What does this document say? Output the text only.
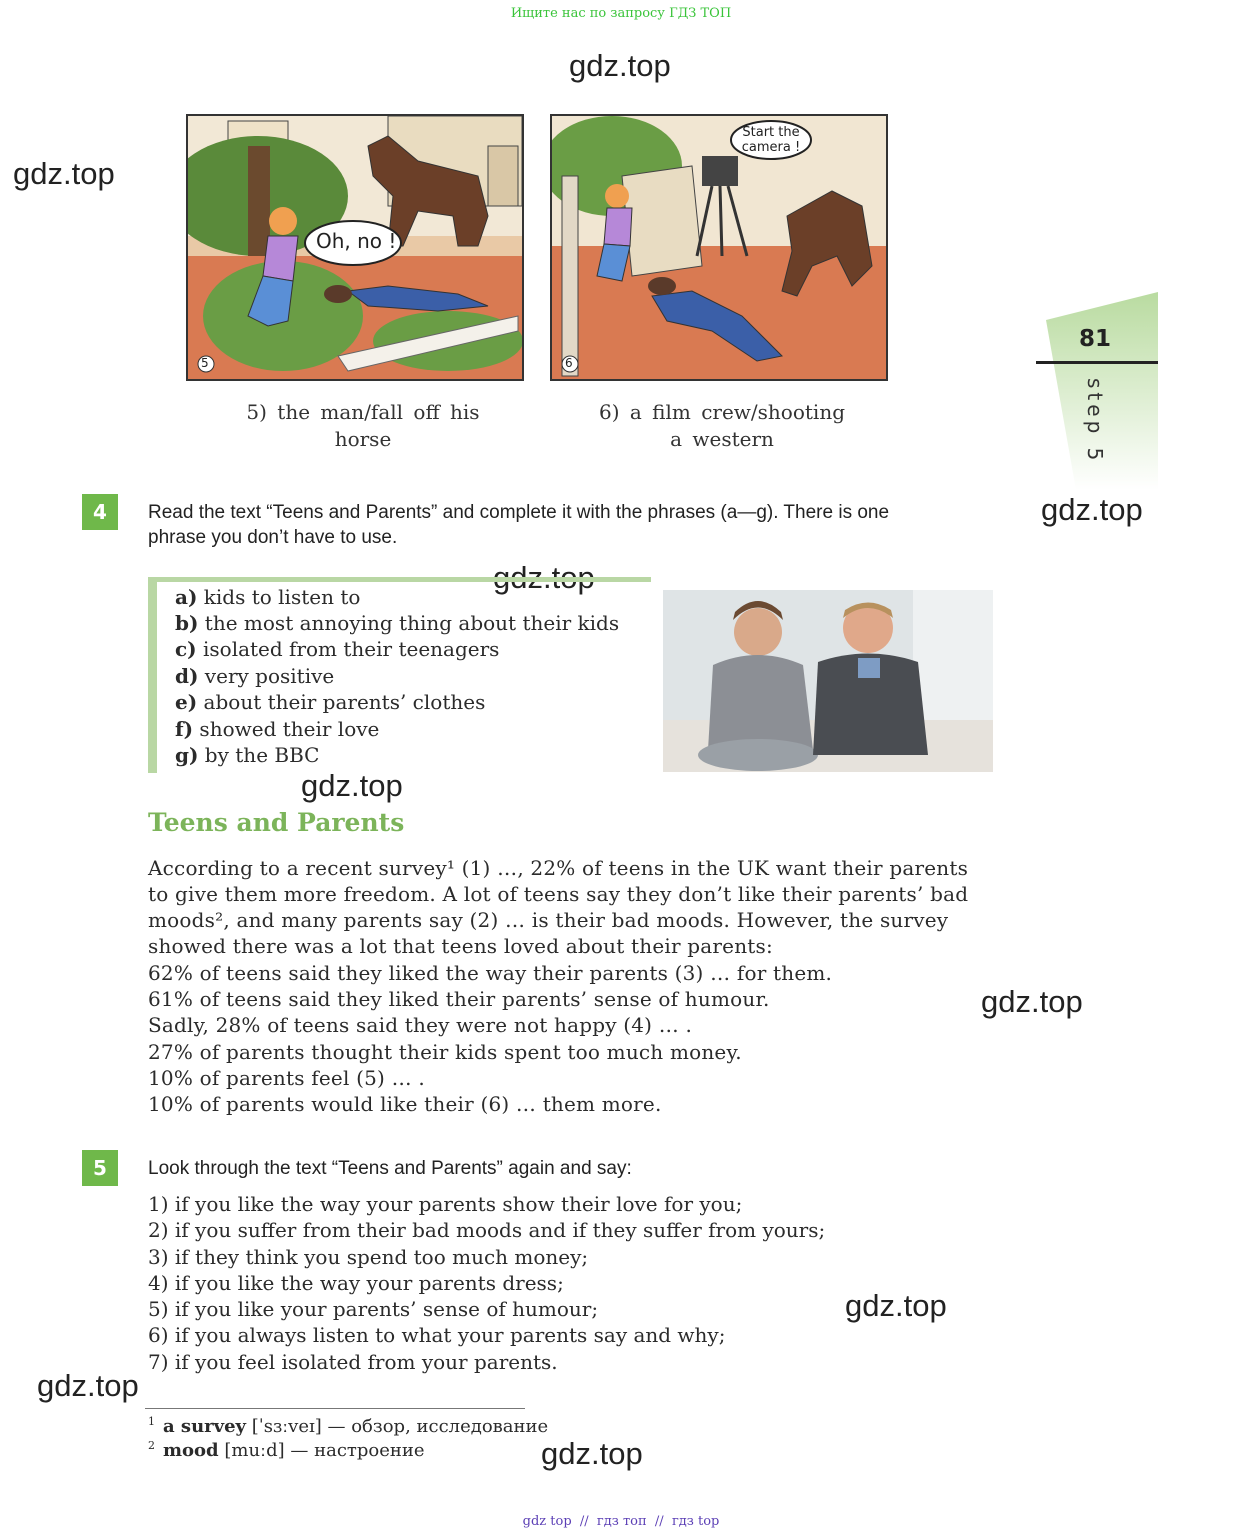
Ищите нас по запросу ГДЗ ТОП
gdz.top
gdz.top
gdz.top
gdz.top
gdz.top
gdz.top
gdz.top
gdz.top
Oh, no !
5
Start the
camera !
6
5) the man/fall off his
horse
6) a film crew/shooting
a western
81
step 5
4	Read the text “Teens and Parents” and complete it with the phrases (a—g). There is one
phrase you don’t have to use.
a) kids to listen to
b) the most annoying thing about their kids
c) isolated from their teenagers
d) very positive
e) about their parents’ clothes
f) showed their love
g) by the BBC
Teens and Parents
According to a recent survey¹ (1) …, 22% of teens in the UK want their parents
to give them more freedom. A lot of teens say they don’t like their parents’ bad
moods², and many parents say (2) … is their bad moods. However, the survey
showed there was a lot that teens loved about their parents:
62% of teens said they liked the way their parents (3) … for them.
61% of teens said they liked their parents’ sense of humour.
Sadly, 28% of teens said they were not happy (4) … .
27% of parents thought their kids spent too much money.
10% of parents feel (5) … .
10% of parents would like their (6) … them more.
5	Look through the text “Teens and Parents” again and say:
1) if you like the way your parents show their love for you;
2) if you suffer from their bad moods and if they suffer from yours;
3) if they think you spend too much money;
4) if you like the way your parents dress;
5) if you like your parents’ sense of humour;
6) if you always listen to what your parents say and why;
7) if you feel isolated from your parents.
$^1$ a survey [ˈsɜːveɪ] — обзор, исследование
$^2$ mood [muːd] — настроение
gdz top  //  гдз топ  //  гдз top
